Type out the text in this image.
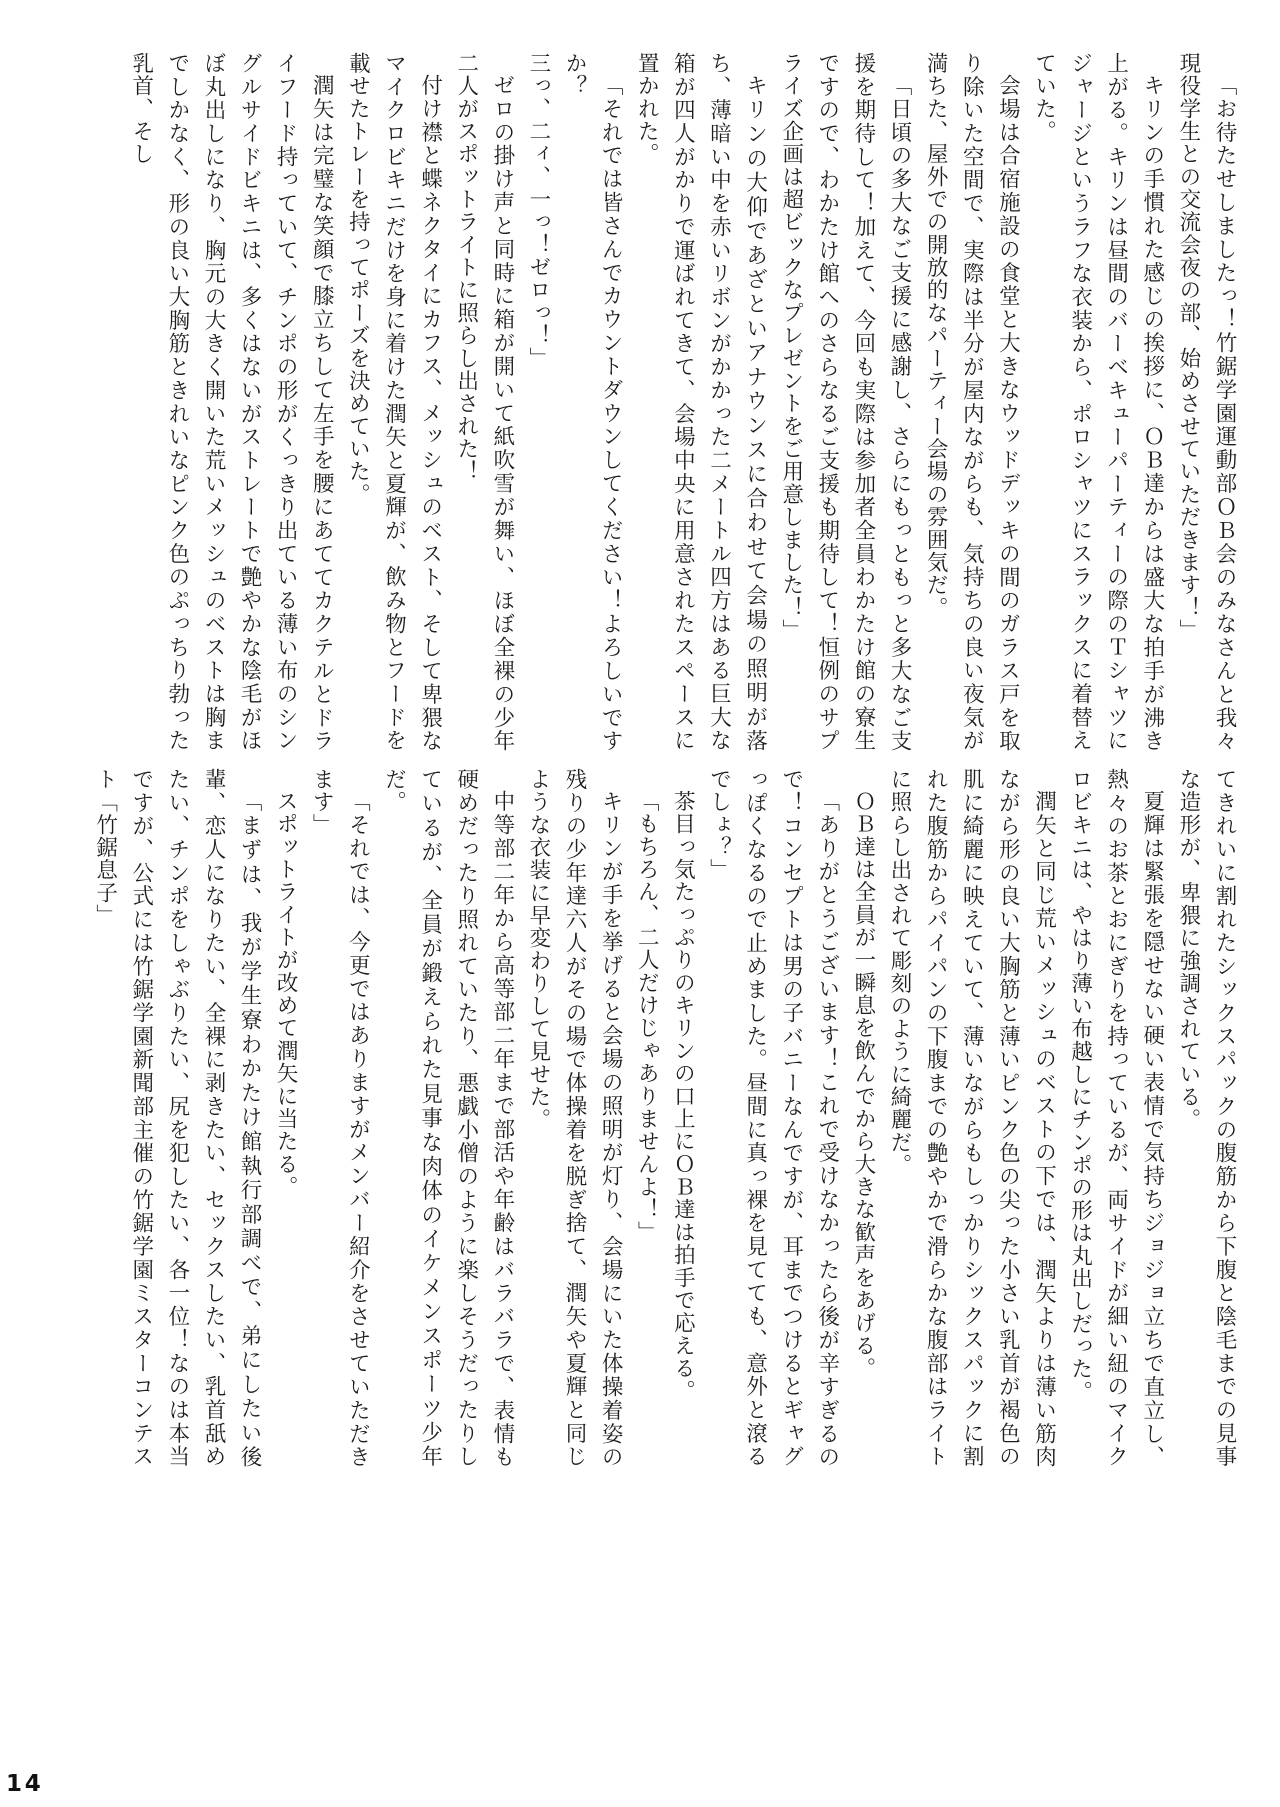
「お待たせしましたっ！竹鋸学園運動部ＯＢ会のみなさんと我々現役学生との交流会夜の部、始めさせていただきます！」

キリンの手慣れた感じの挨拶に、ＯＢ達からは盛大な拍手が沸き上がる。キリンは昼間のバーベキューパーティーの際のＴシャツにジャージというラフな衣装から、ポロシャツにスラックスに着替えていた。

会場は合宿施設の食堂と大きなウッドデッキの間のガラス戸を取り除いた空間で、実際は半分が屋内ながらも、気持ちの良い夜気が満ちた、屋外での開放的なパーティー会場の雰囲気だ。

「日頃の多大なご支援に感謝し、さらにもっともっと多大なご支援を期待して！加えて、今回も実際は参加者全員わかたけ館の寮生ですので、わかたけ館へのさらなるご支援も期待して！恒例のサプライズ企画は超ビックなプレゼントをご用意しました！」

キリンの大仰であざといアナウンスに合わせて会場の照明が落ち、薄暗い中を赤いリボンがかかった二メートル四方はある巨大な箱が四人がかりで運ばれてきて、会場中央に用意されたスペースに置かれた。

「それでは皆さんでカウントダウンしてください！よろしいですか？

三っ、二ィ、一っ！ゼロっ！」

ゼロの掛け声と同時に箱が開いて紙吹雪が舞い、ほぼ全裸の少年二人がスポットライトに照らし出された！

付け襟と蝶ネクタイにカフス、メッシュのベスト、そして卑猥なマイクロビキニだけを身に着けた潤矢と夏輝が、飲み物とフードを載せたトレーを持ってポーズを決めていた。

潤矢は完璧な笑顔で膝立ちして左手を腰にあててカクテルとドライフード持っていて、チンポの形がくっきり出ている薄い布のシングルサイドビキニは、多くはないがストレートで艶やかな陰毛がほぼ丸出しになり、胸元の大きく開いた荒いメッシュのベストは胸までしかなく、形の良い大胸筋ときれいなピンク色のぷっちり勃った乳首、そし

てきれいに割れたシックスパックの腹筋から下腹と陰毛までの見事な造形が、卑猥に強調されている。

夏輝は緊張を隠せない硬い表情で気持ちジョジョ立ちで直立し、熱々のお茶とおにぎりを持っているが、両サイドが細い紐のマイクロビキニは、やはり薄い布越しにチンポの形は丸出しだった。

潤矢と同じ荒いメッシュのベストの下では、潤矢よりは薄い筋肉ながら形の良い大胸筋と薄いピンク色の尖った小さい乳首が褐色の肌に綺麗に映えていて、薄いながらもしっかりシックスパックに割れた腹筋からパイパンの下腹までの艶やかで滑らかな腹部はライトに照らし出されて彫刻のように綺麗だ。

ＯＢ達は全員が一瞬息を飲んでから大きな歓声をあげる。

「ありがとうございます！これで受けなかったら後が辛すぎるので！コンセプトは男の子バニーなんですが、耳までつけるとギャグっぽくなるので止めました。昼間に真っ裸を見てても、意外と滾るでしょ？」

茶目っ気たっぷりのキリンの口上にＯＢ達は拍手で応える。

「もちろん、二人だけじゃありませんよ！」

キリンが手を挙げると会場の照明が灯り、会場にいた体操着姿の残りの少年達六人がその場で体操着を脱ぎ捨て、潤矢や夏輝と同じような衣装に早変わりして見せた。

中等部二年から高等部二年まで部活や年齢はバラバラで、表情も硬めだったり照れていたり、悪戯小僧のように楽しそうだったりしているが、全員が鍛えられた見事な肉体のイケメンスポーツ少年だ。

「それでは、今更ではありますがメンバー紹介をさせていただきます」

スポットライトが改めて潤矢に当たる。

「まずは、我が学生寮わかたけ館執行部調べで、弟にしたい後輩、恋人になりたい、全裸に剥きたい、セックスしたい、乳首舐めたい、チンポをしゃぶりたい、尻を犯したい、各一位！なのは本当ですが、公式には竹鋸学園新聞部主催の竹鋸学園ミスターコンテスト「竹鋸息子」

14
